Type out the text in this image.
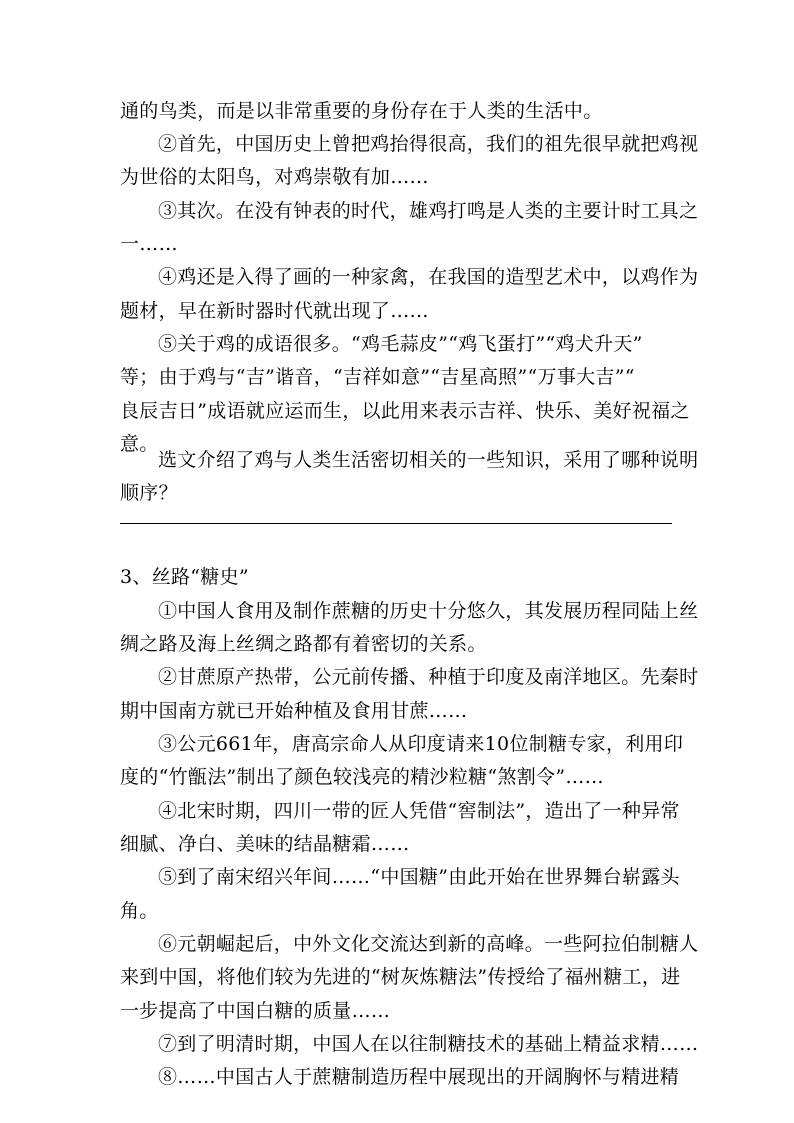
通的鸟类，而是以非常重要的身份存在于人类的生活中。
②首先，中国历史上曾把鸡抬得很高，我们的祖先很早就把鸡视
为世俗的太阳鸟，对鸡崇敬有加……
③其次。在没有钟表的时代，雄鸡打鸣是人类的主要计时工具之
一……
④鸡还是入得了画的一种家禽，在我国的造型艺术中，以鸡作为
题材，早在新时器时代就出现了……
⑤关于鸡的成语很多。“鸡毛蒜皮”“鸡飞蛋打”“鸡犬升天”
等；由于鸡与“吉”谐音，“吉祥如意”“吉星高照”“万事大吉”“
良辰吉日”成语就应运而生，以此用来表示吉祥、快乐、美好祝福之
意。
选文介绍了鸡与人类生活密切相关的一些知识，采用了哪种说明
顺序？
3、丝路“糖史”
①中国人食用及制作蔗糖的历史十分悠久，其发展历程同陆上丝
绸之路及海上丝绸之路都有着密切的关系。
②甘蔗原产热带，公元前传播、种植于印度及南洋地区。先秦时
期中国南方就已开始种植及食用甘蔗……
③公元661年，唐高宗命人从印度请来10位制糖专家，利用印
度的“竹甑法”制出了颜色较浅亮的精沙粒糖“煞割令”……
④北宋时期，四川一带的匠人凭借“窖制法”，造出了一种异常
细腻、净白、美味的结晶糖霜……
⑤到了南宋绍兴年间……“中国糖”由此开始在世界舞台崭露头
角。
⑥元朝崛起后，中外文化交流达到新的高峰。一些阿拉伯制糖人
来到中国，将他们较为先进的“树灰炼糖法”传授给了福州糖工，进
一步提高了中国白糖的质量……
⑦到了明清时期，中国人在以往制糖技术的基础上精益求精……
⑧……中国古人于蔗糖制造历程中展现出的开阔胸怀与精进精
